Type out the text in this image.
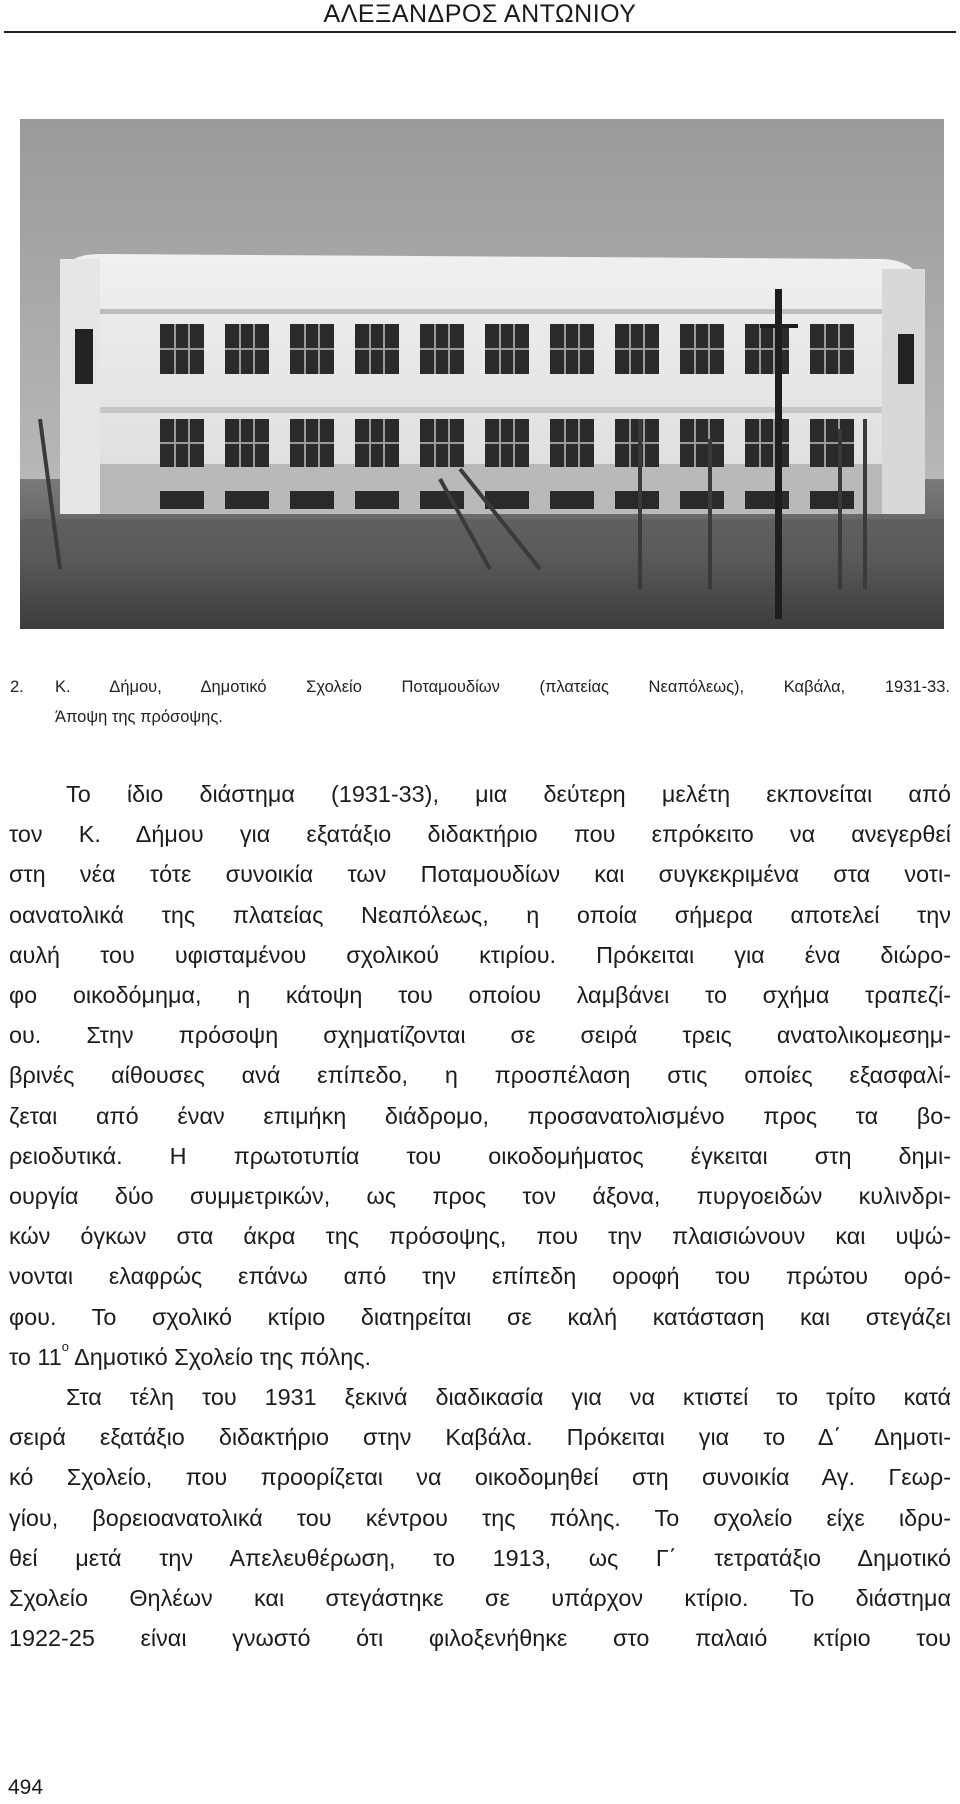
ΑΛΕΞΑΝΔΡΟΣ ΑΝΤΩΝΙΟΥ
2. Κ. Δήμου, Δημοτικό Σχολείο Ποταμουδίων (πλατείας Νεαπόλεως), Καβάλα, 1931-33.
Άποψη της πρόσοψης.
Το ίδιο διάστημα (1931-33), μια δεύτερη μελέτη εκπονείται από
τον Κ. Δήμου για εξατάξιο διδακτήριο που επρόκειτο να ανεγερθεί
στη νέα τότε συνοικία των Ποταμουδίων και συγκεκριμένα στα νοτι-
οανατολικά της πλατείας Νεαπόλεως, η οποία σήμερα αποτελεί την
αυλή του υφισταμένου σχολικού κτιρίου. Πρόκειται για ένα διώρο-
φο οικοδόμημα, η κάτοψη του οποίου λαμβάνει το σχήμα τραπεζί-
ου. Στην πρόσοψη σχηματίζονται σε σειρά τρεις ανατολικομεσημ-
βρινές αίθουσες ανά επίπεδο, η προσπέλαση στις οποίες εξασφαλί-
ζεται από έναν επιμήκη διάδρομο, προσανατολισμένο προς τα βο-
ρειοδυτικά. Η πρωτοτυπία του οικοδομήματος έγκειται στη δημι-
ουργία δύο συμμετρικών, ως προς τον άξονα, πυργοειδών κυλινδρι-
κών όγκων στα άκρα της πρόσοψης, που την πλαισιώνουν και υψώ-
νονται ελαφρώς επάνω από την επίπεδη οροφή του πρώτου ορό-
φου. Το σχολικό κτίριο διατηρείται σε καλή κατάσταση και στεγάζει
το $11^o$ Δημοτικό Σχολείο της πόλης.
Στα τέλη του 1931 ξεκινά διαδικασία για να κτιστεί το τρίτο κατά
σειρά εξατάξιο διδακτήριο στην Καβάλα. Πρόκειται για το Δ΄ Δημοτι-
κό Σχολείο, που προορίζεται να οικοδομηθεί στη συνοικία Αγ. Γεωρ-
γίου, βορειοανατολικά του κέντρου της πόλης. Το σχολείο είχε ιδρυ-
θεί μετά την Απελευθέρωση, το 1913, ως Γ΄ τετρατάξιο Δημοτικό
Σχολείο Θηλέων και στεγάστηκε σε υπάρχον κτίριο. Το διάστημα
1922-25 είναι γνωστό ότι φιλοξενήθηκε στο παλαιό κτίριο του
494
